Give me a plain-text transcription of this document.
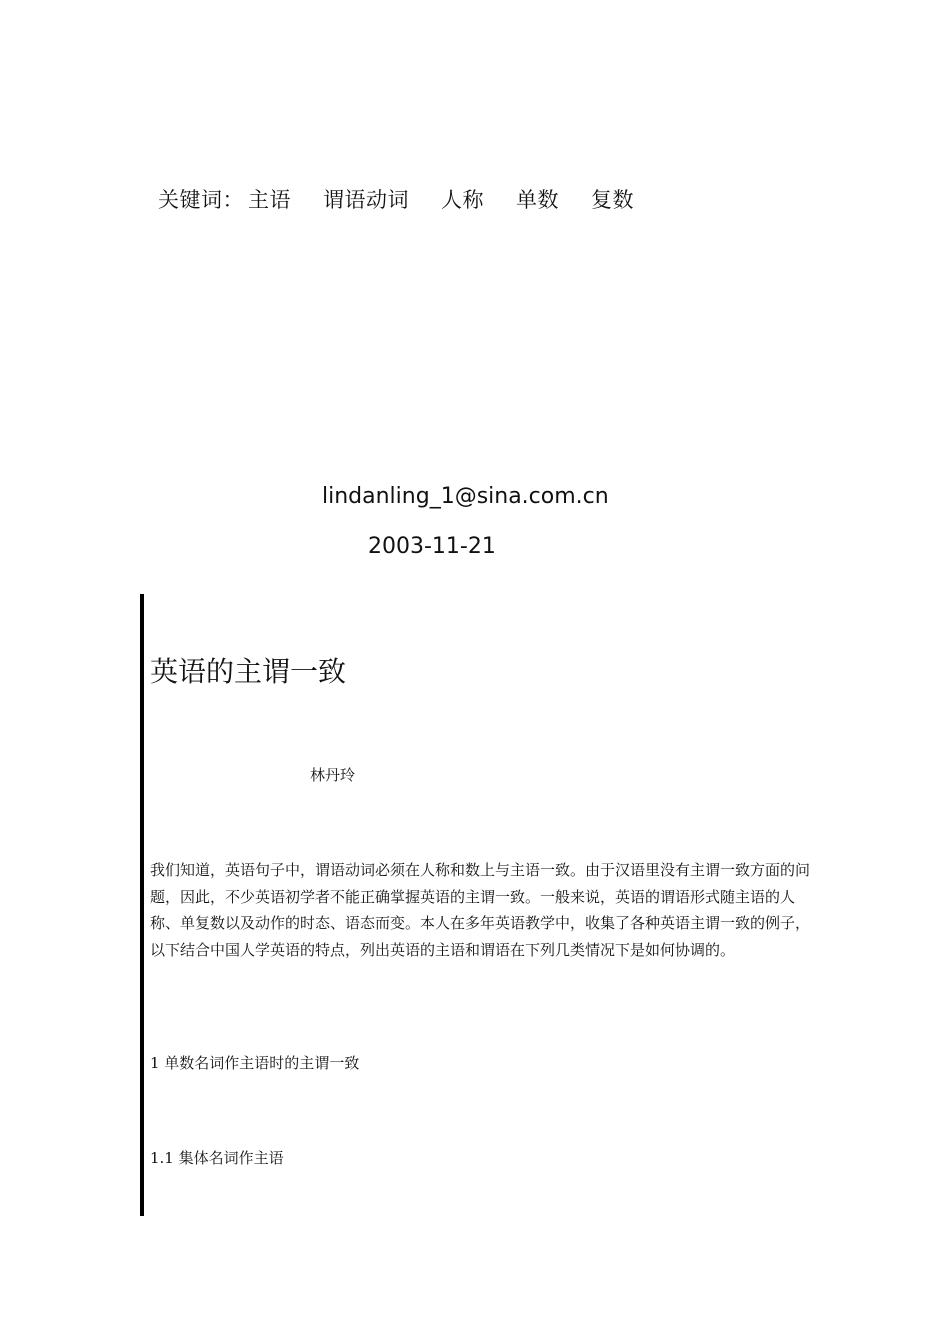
关键词： 主语 谓语动词 人称 单数 复数
lindanling_1@sina.com.cn
2003-11-21
英语的主谓一致
林丹玲

我们知道，英语句子中，谓语动词必须在人称和数上与主语一致。由于汉语里没有主谓一致方面的问题，因此，不少英语初学者不能正确掌握英语的主谓一致。一般来说，英语的谓语形式随主语的人称、单复数以及动作的时态、语态而变。本人在多年英语教学中，收集了各种英语主谓一致的例子，以下结合中国人学英语的特点，列出英语的主语和谓语在下列几类情况下是如何协调的。

1 单数名词作主语时的主谓一致
1.1 集体名词作主语
